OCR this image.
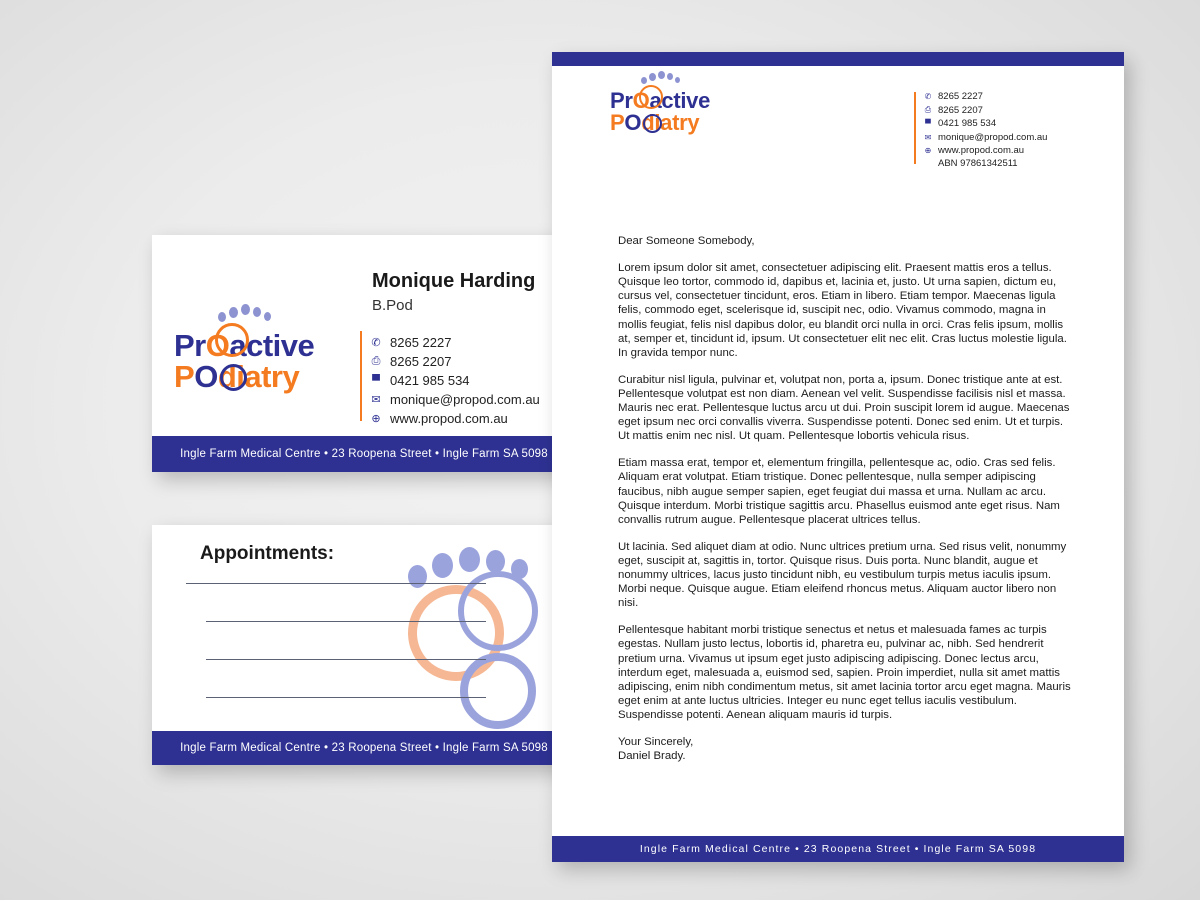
PrOactive
POdiatry
Monique Harding
B.Pod
✆ 8265 2227
⎙ 8265 2207
▀ 0421 985 534
✉ monique@propod.com.au
⊕ www.propod.com.au
Ingle Farm Medical Centre • 23 Roopena Street • Ingle Farm SA 5098
Appointments:
Ingle Farm Medical Centre • 23 Roopena Street • Ingle Farm SA 5098
PrOactive
POdiatry
✆ 8265 2227
⎙ 8265 2207
▀ 0421 985 534
✉ monique@propod.com.au
⊕ www.propod.com.au
ABN 97861342511

Dear Someone Somebody,

Lorem ipsum dolor sit amet, consectetuer adipiscing elit. Praesent mattis eros a tellus. Quisque leo tortor, commodo id, dapibus et, lacinia et, justo. Ut urna sapien, dictum eu, cursus vel, consectetuer tincidunt, eros. Etiam in libero. Etiam tempor. Maecenas ligula felis, commodo eget, scelerisque id, suscipit nec, odio. Vivamus commodo, magna in mollis feugiat, felis nisl dapibus dolor, eu blandit orci nulla in orci. Cras felis ipsum, mollis at, semper et, tincidunt id, ipsum. Ut consectetuer elit nec elit. Cras luctus molestie ligula. In gravida tempor nunc.

Curabitur nisl ligula, pulvinar et, volutpat non, porta a, ipsum. Donec tristique ante at est. Pellentesque volutpat est non diam. Aenean vel velit. Suspendisse facilisis nisl et massa. Mauris nec erat. Pellentesque luctus arcu ut dui. Proin suscipit lorem id augue. Maecenas eget ipsum nec orci convallis viverra. Suspendisse potenti. Donec sed enim. Ut et turpis. Ut mattis enim nec nisl. Ut quam. Pellentesque lobortis vehicula risus.

Etiam massa erat, tempor et, elementum fringilla, pellentesque ac, odio. Cras sed felis. Aliquam erat volutpat. Etiam tristique. Donec pellentesque, nulla semper adipiscing faucibus, nibh augue semper sapien, eget feugiat dui massa et urna. Nullam ac arcu. Quisque interdum. Morbi tristique sagittis arcu. Phasellus euismod ante eget risus. Nam convallis rutrum augue. Pellentesque placerat ultrices tellus.

Ut lacinia. Sed aliquet diam at odio. Nunc ultrices pretium urna. Sed risus velit, nonummy eget, suscipit at, sagittis in, tortor. Quisque risus. Duis porta. Nunc blandit, augue et nonummy ultrices, lacus justo tincidunt nibh, eu vestibulum turpis metus iaculis ipsum. Morbi neque. Quisque augue. Etiam eleifend rhoncus metus. Aliquam auctor libero non nisi.

Pellentesque habitant morbi tristique senectus et netus et malesuada fames ac turpis egestas. Nullam justo lectus, lobortis id, pharetra eu, pulvinar ac, nibh. Sed hendrerit pretium urna. Vivamus ut ipsum eget justo adipiscing adipiscing. Donec lectus arcu, interdum eget, malesuada a, euismod sed, sapien. Proin imperdiet, nulla sit amet mattis adipiscing, enim nibh condimentum metus, sit amet lacinia tortor arcu eget magna. Mauris eget enim at ante luctus ultricies. Integer eu nunc eget tellus iaculis vestibulum. Suspendisse potenti. Aenean aliquam mauris id turpis.

Your Sincerely,

Daniel Brady.

Ingle Farm Medical Centre • 23 Roopena Street • Ingle Farm SA 5098
